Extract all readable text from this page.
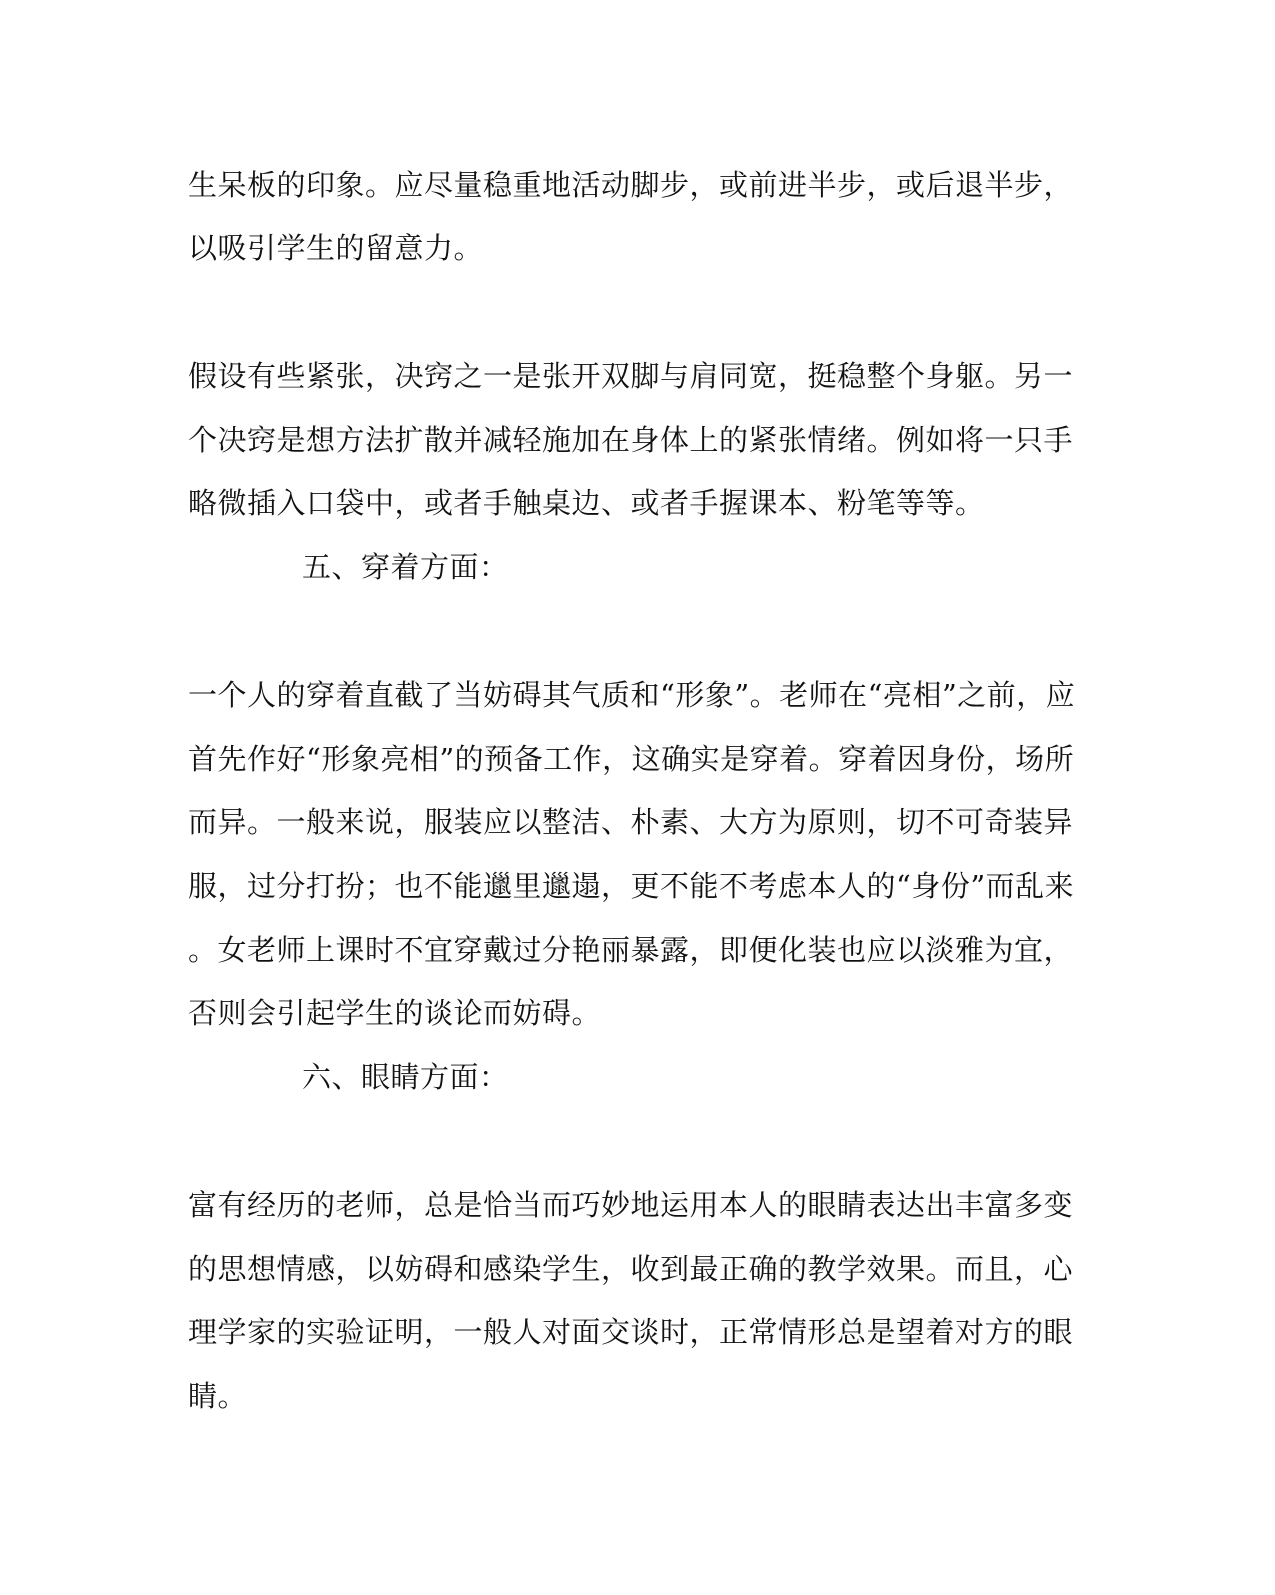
生呆板的印象。应尽量稳重地活动脚步，或前进半步，或后退半步，
以吸引学生的留意力。
假设有些紧张，决窍之一是张开双脚与肩同宽，挺稳整个身躯。另一
个决窍是想方法扩散并减轻施加在身体上的紧张情绪。例如将一只手
略微插入口袋中，或者手触桌边、或者手握课本、粉笔等等。
五、穿着方面：
一个人的穿着直截了当妨碍其气质和“形象”。老师在“亮相”之前，应
首先作好“形象亮相”的预备工作，这确实是穿着。穿着因身份，场所
而异。一般来说，服装应以整洁、朴素、大方为原则，切不可奇装异
服，过分打扮；也不能邋里邋遢，更不能不考虑本人的“身份”而乱来
。女老师上课时不宜穿戴过分艳丽暴露，即便化装也应以淡雅为宜，
否则会引起学生的谈论而妨碍。
六、眼睛方面：
富有经历的老师，总是恰当而巧妙地运用本人的眼睛表达出丰富多变
的思想情感，以妨碍和感染学生，收到最正确的教学效果。而且，心
理学家的实验证明，一般人对面交谈时，正常情形总是望着对方的眼
睛。
